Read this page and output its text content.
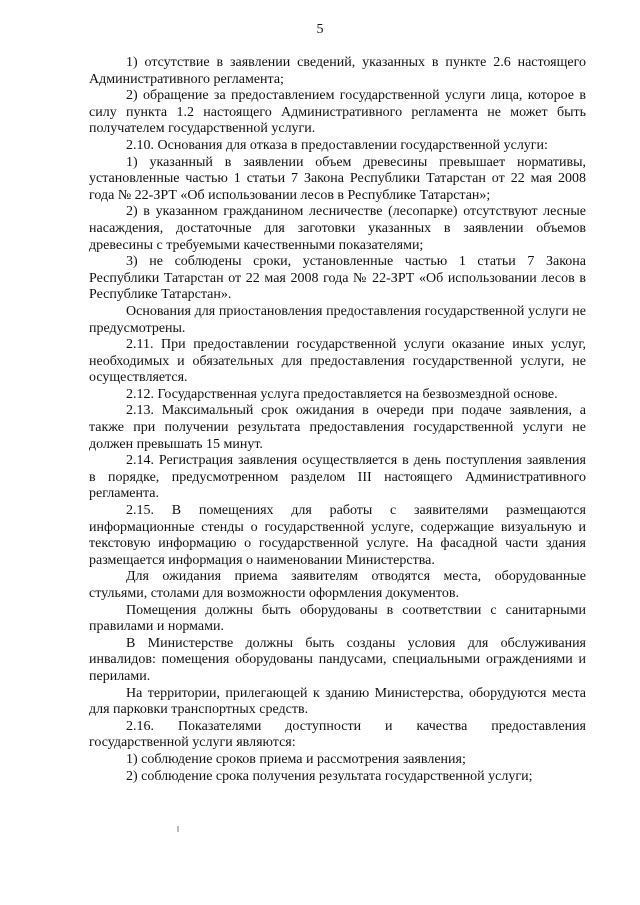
5

1) отсутствие в заявлении сведений, указанных в пункте 2.6 настоящего Административного регламента;

2) обращение за предоставлением государственной услуги лица, которое в силу пункта 1.2 настоящего Административного регламента не может быть получателем государственной услуги.

2.10. Основания для отказа в предоставлении государственной услуги:

1) указанный в заявлении объем древесины превышает нормативы, установленные частью 1 статьи 7 Закона Республики Татарстан от 22 мая 2008 года № 22-ЗРТ «Об использовании лесов в Республике Татарстан»;

2) в указанном гражданином лесничестве (лесопарке) отсутствуют лесные насаждения, достаточные для заготовки указанных в заявлении объемов древесины с требуемыми качественными показателями;

3) не соблюдены сроки, установленные частью 1 статьи 7 Закона Республики Татарстан от 22 мая 2008 года № 22-ЗРТ «Об использовании лесов в Республике Татарстан».

Основания для приостановления предоставления государственной услуги не предусмотрены.

2.11. При предоставлении государственной услуги оказание иных услуг, необходимых и обязательных для предоставления государственной услуги, не осуществляется.

2.12. Государственная услуга предоставляется на безвозмездной основе.

2.13. Максимальный срок ожидания в очереди при подаче заявления, а также при получении результата предоставления государственной услуги не должен превышать 15 минут.

2.14. Регистрация заявления осуществляется в день поступления заявления в порядке, предусмотренном разделом III настоящего Административного регламента.

2.15. В помещениях для работы с заявителями размещаются информационные стенды о государственной услуге, содержащие визуальную и текстовую информацию о государственной услуге. На фасадной части здания размещается информация о наименовании Министерства.

Для ожидания приема заявителям отводятся места, оборудованные стульями, столами для возможности оформления документов.

Помещения должны быть оборудованы в соответствии с санитарными правилами и нормами.

В Министерстве должны быть созданы условия для обслуживания инвалидов: помещения оборудованы пандусами, специальными ограждениями и перилами.

На территории, прилегающей к зданию Министерства, оборудуются места для парковки транспортных средств.

2.16. Показателями доступности и качества предоставления государственной услуги являются:

1) соблюдение сроков приема и рассмотрения заявления;

2) соблюдение срока получения результата государственной услуги;
